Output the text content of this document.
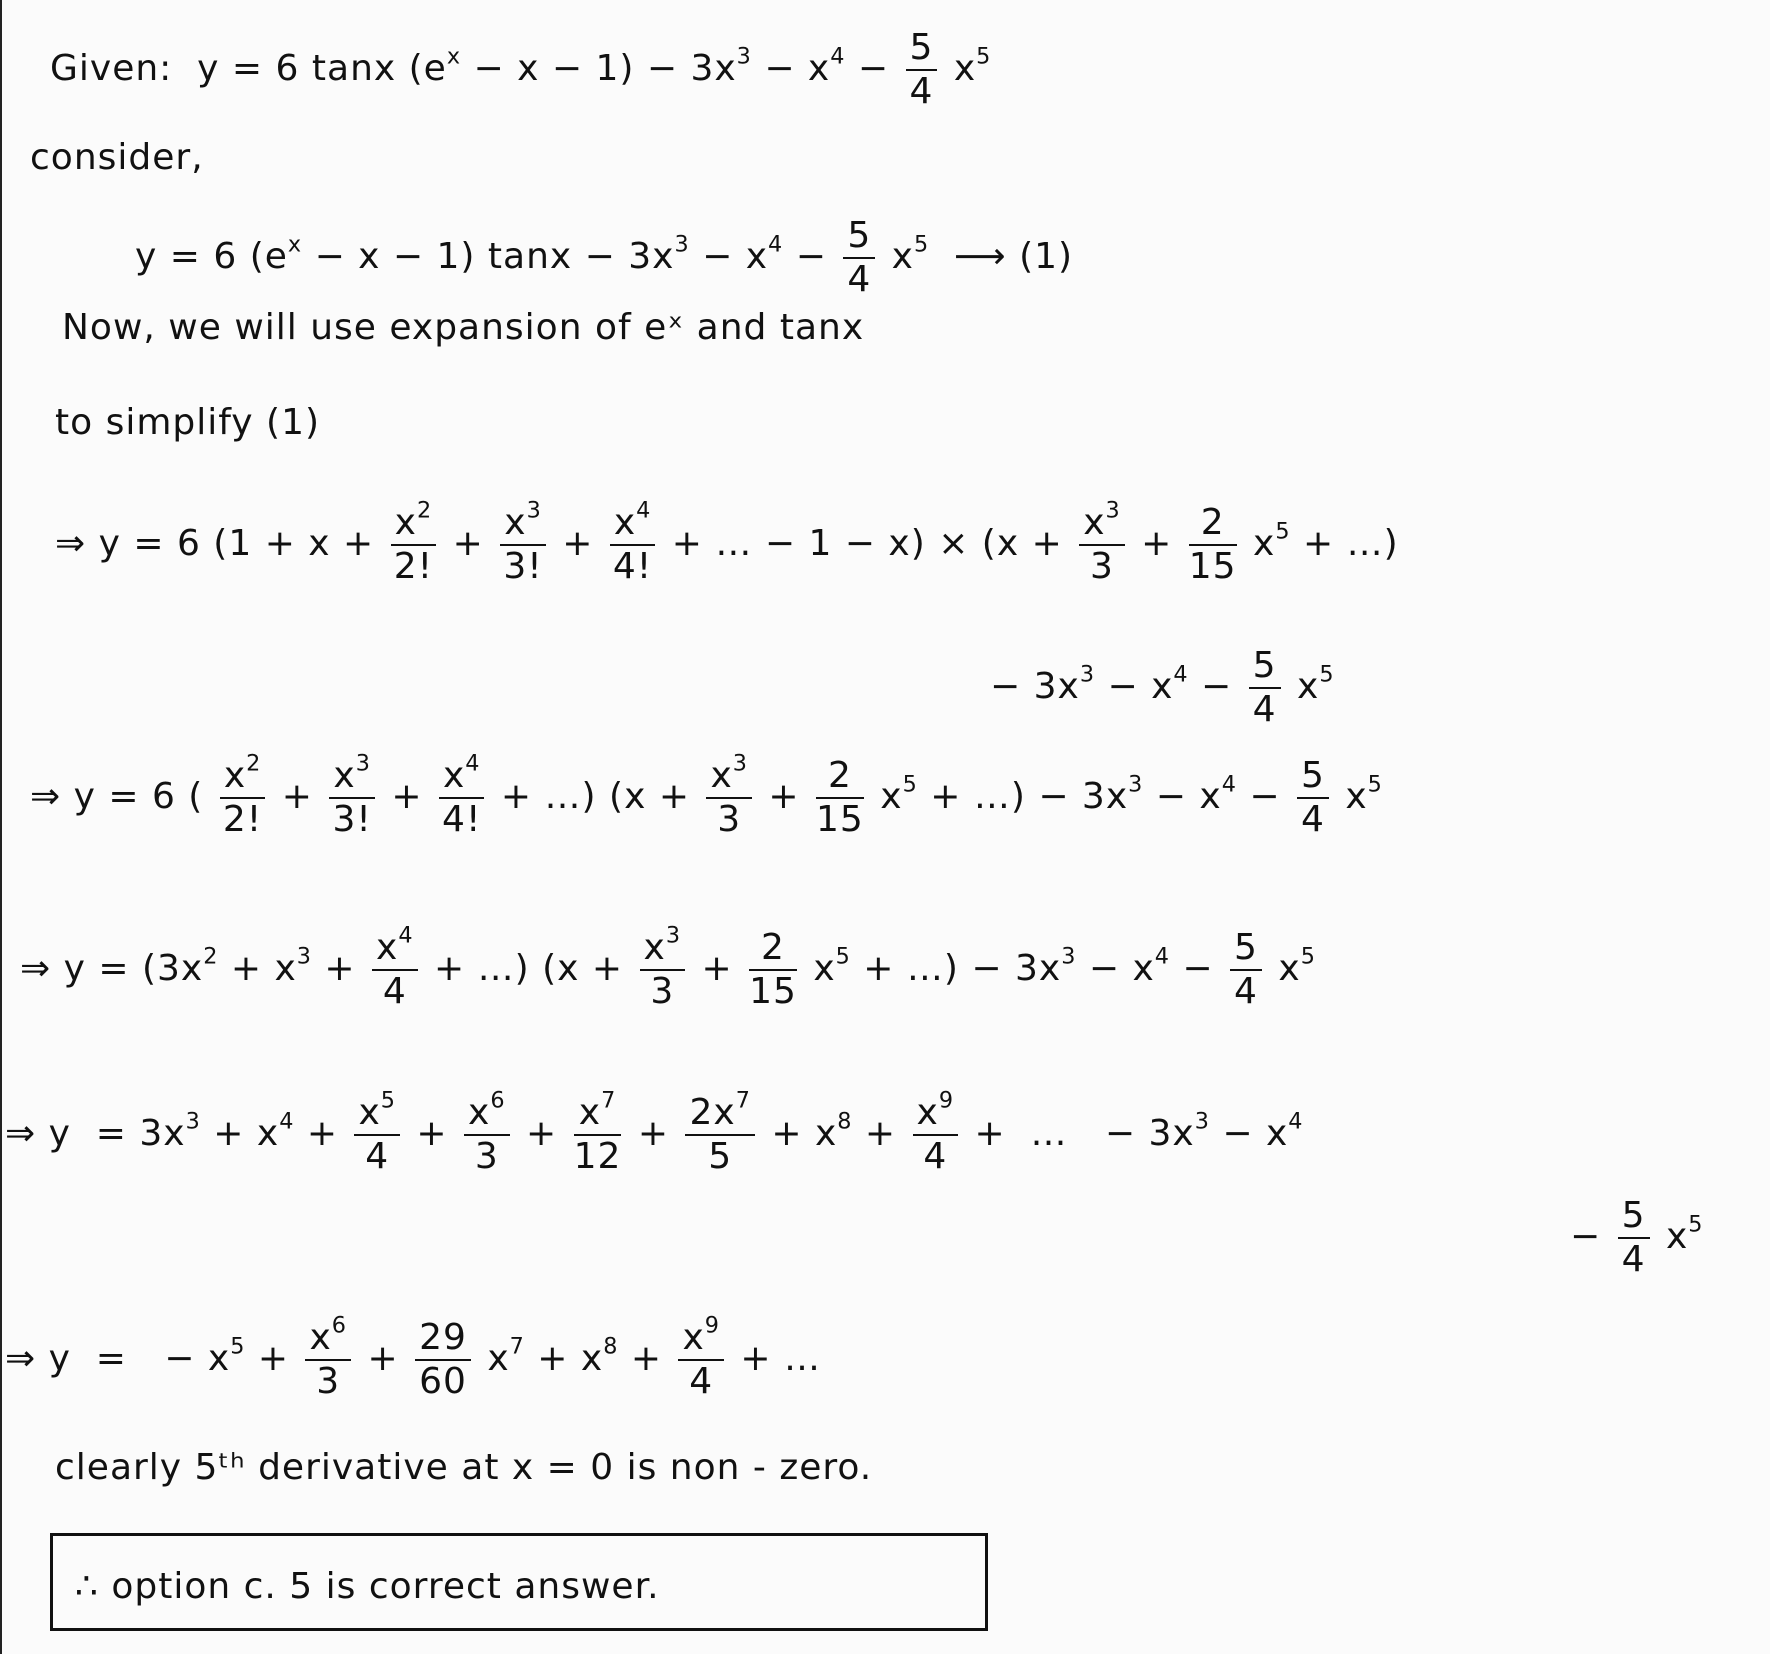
Given:  y = 6 tanx $(e^x - x - 1) - 3x^3 - x^4 - \frac{5}{4} x^5$
consider,
y = 6 $(e^x - x - 1) \tan x - 3x^3 - x^4 - \frac{5}{4} x^5$  ⟶ (1)
Now, we will use expansion of eˣ and tanx
to simplify (1)
⇒ y = 6 ($1 + x + \frac{x^2}{2!} + \frac{x^3}{3!} + \frac{x^4}{4!}$ + … − $1 - x) \times (x + \frac{x^3}{3} + \frac{2}{15} x^5$ + …)
− $3x^3 - x^4 - \frac{5}{4} x^5$
⇒ y = 6 ( $\frac{x^2}{2!} + \frac{x^3}{3!} + \frac{x^4}{4!}$ + …) ($x + \frac{x^3}{3} + \frac{2}{15} x^5$ + …) − $3x^3 - x^4 - \frac{5}{4} x^5$
⇒ $y = (3x^2 + x^3 + \frac{x^4}{4}$ + …) ($x + \frac{x^3}{3} + \frac{2}{15} x^5$ + …) − $3x^3 - x^4 - \frac{5}{4} x^5$
⇒ $y = 3x^3 + x^4 + \frac{x^5}{4} + \frac{x^6}{3} + \frac{x^7}{12} + \frac{2x^7}{5} + x^8 + \frac{x^9}{4}$ +  …   − $3x^3 - x^4$
− $\frac{5}{4} x^5$
⇒ y  =   − $x^5 + \frac{x^6}{3} + \frac{29}{60} x^7 + x^8 + \frac{x^9}{4}$ + …
clearly 5ᵗʰ derivative at x = 0 is non - zero.
∴ option c. 5 is correct answer.
